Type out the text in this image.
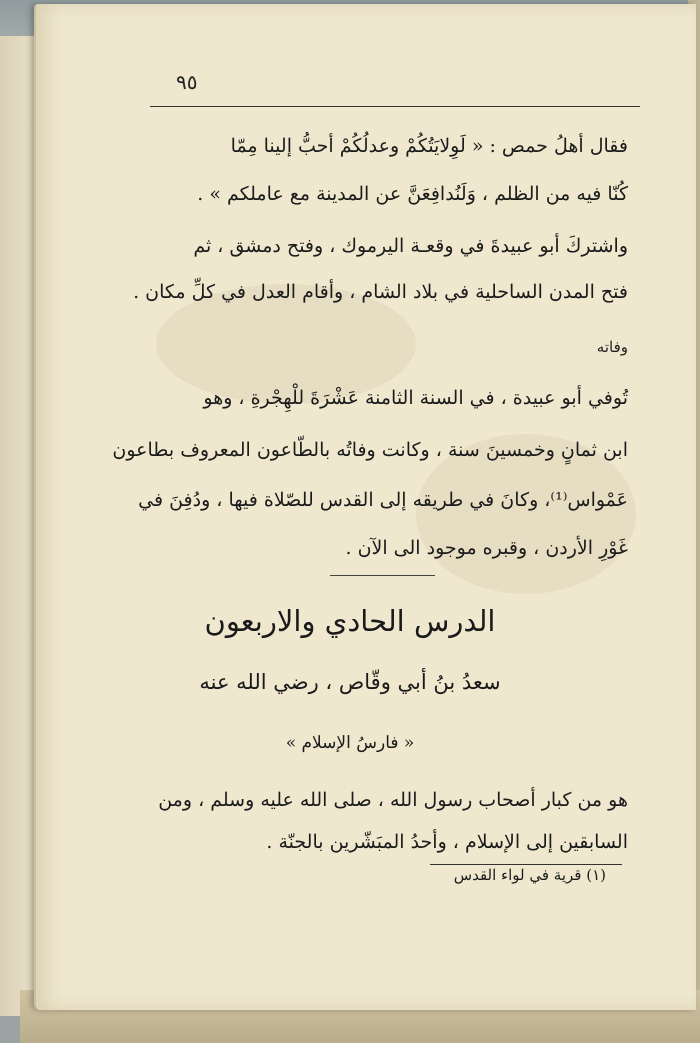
٩٥
فقال أهلُ حمص : « لَوِلايَتُكُمْ وعدلُكُمْ أحبُّ إلينا مِمّا
كُنّا فيه من الظلم ، وَلَنُدافِعَنَّ عن المدينة مع عاملكم » .
واشتركَ أبو عبيدةَ في وقعـة اليرموك ، وفتح دمشق ، ثم
فتح المدن الساحلية في بلاد الشام ، وأقام العدل في كلِّ مكان .
وفاته
تُوفي أبو عبيدة ، في السنة الثامنة عَشْرَةَ للْهِجْرةِ ، وهو
ابن ثمانٍ وخمسينَ سنة ، وكانت وفاتُه بالطّاعون المعروف بطاعون
عَمْواس⁽¹⁾، وكانَ في طريقه إلى القدس للصّلاة فيها ، ودُفِنَ في
غَوْرِ الأردن ، وقبره موجود الى الآن .
الدرس الحادي والاربعون
سعدُ بنُ أبي وقّاص ، رضي الله عنه
« فارسُ الإسلام »
هو من كبار أصحاب رسول الله ، صلى الله عليه وسلم ، ومن
السابقين إلى الإسلام ، وأحدُ المبَشّرين بالجنّة .
(١) قرية في لواء القدس
